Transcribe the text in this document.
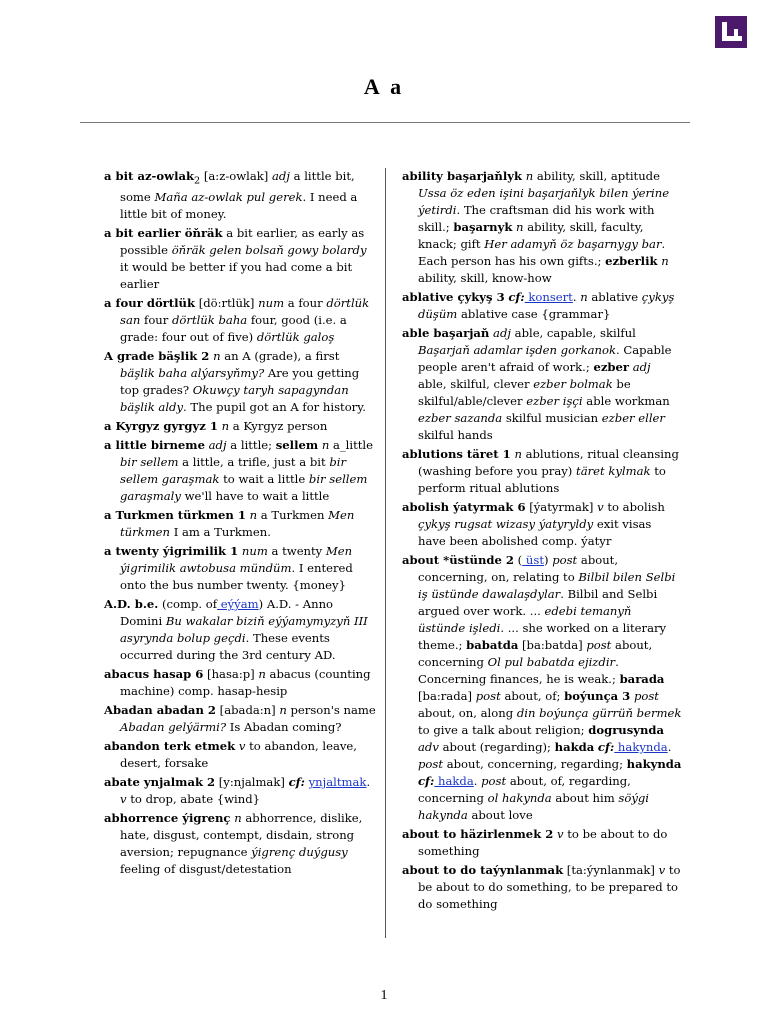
A a

a bit az-owlak$_2$ [a:z-owlak] adj a little bit, some Maña az-owlak pul gerek. I need a little bit of money.

a bit earlier öňräk a bit earlier, as early as possible öňräk gelen bolsaň gowy bolardy it would be better if you had come a bit earlier

a four dörtlük [dö:rtlük] num a four dörtlük san four dörtlük baha four, good (i.e. a grade: four out of five) dörtlük galoş

A grade bäşlik 2 n an A (grade), a first bäşlik baha alýarsyňmy? Are you getting top grades? Okuwçy taryh sapagyndan bäşlik aldy. The pupil got an A for history.

a Kyrgyz gyrgyz 1 n a Kyrgyz person

a little birneme adj a little; sellem n a_little bir sellem a little, a trifle, just a bit bir sellem garaşmak to wait a little bir sellem garaşmaly we'll have to wait a little

a Turkmen türkmen 1 n a Turkmen Men türkmen I am a Turkmen.

a twenty ýigrimilik 1 num a twenty Men ýigrimilik awtobusa mündüm. I entered onto the bus number twenty. {money}

A.D. b.e. (comp. of eýýam) A.D. - Anno Domini Bu wakalar biziň eýýamymyzyň III asyrynda bolup geçdi. These events occurred during the 3rd century AD.

abacus hasap 6 [hasa:p] n abacus (counting machine) comp. hasap-hesip

Abadan abadan 2 [abada:n] n person's name Abadan gelýärmi? Is Abadan coming?

abandon terk etmek v to abandon, leave, desert, forsake

abate ynjalmak 2 [y:njalmak] cf: ynjaltmak. v to drop, abate {wind}

abhorrence ýigrenç n abhorrence, dislike, hate, disgust, contempt, disdain, strong aversion; repugnance ýigrenç duýgusy feeling of disgust/detestation

ability başarjaňlyk n ability, skill, aptitude Ussa öz eden işini başarjaňlyk bilen ýerine ýetirdi. The craftsman did his work with skill.; başarnyk n ability, skill, faculty, knack; gift Her adamyň öz başarnygy bar. Each person has his own gifts.; ezberlik n ability, skill, know-how

ablative çykyş 3 cf: konsert. n ablative çykyş düşüm ablative case {grammar}

able başarjaň adj able, capable, skilful Başarjaň adamlar işden gorkanok. Capable people aren't afraid of work.; ezber adj able, skilful, clever ezber bolmak be skilful/able/clever ezber işçi able workman ezber sazanda skilful musician ezber eller skilful hands

ablutions täret 1 n ablutions, ritual cleansing (washing before you pray) täret kylmak to perform ritual ablutions

abolish ýatyrmak 6 [ýatyrmak] v to abolish çykyş rugsat wizasy ýatyryldy exit visas have been abolished comp. ýatyr

about *üstünde 2 ( üst) post about, concerning, on, relating to Bilbil bilen Selbi iş üstünde dawalaşdylar. Bilbil and Selbi argued over work. ... edebi temanyň üstünde işledi. ... she worked on a literary theme.; babatda [ba:batda] post about, concerning Ol pul babatda ejizdir. Concerning finances, he is weak.; barada [ba:rada] post about, of; boýunça 3 post about, on, along din boýunça gürrüň bermek to give a talk about religion; dogrusynda adv about (regarding); hakda cf: hakynda. post about, concerning, regarding; hakynda cf: hakda. post about, of, regarding, concerning ol hakynda about him söýgi hakynda about love

about to häzirlenmek 2 v to be about to do something

about to do taýynlanmak [ta:ýynlanmak] v to be about to do something, to be prepared to do something

1
